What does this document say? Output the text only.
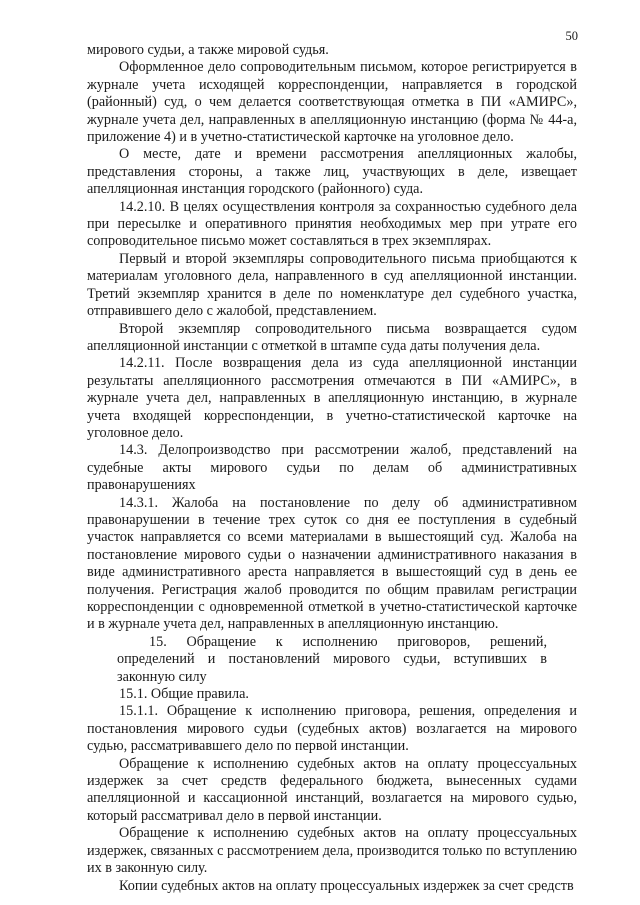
50

мирового судьи, а также мировой судья.

Оформленное дело сопроводительным письмом, которое регистрируется в журнале учета исходящей корреспонденции, направляется в городской (районный) суд, о чем делается соответствующая отметка в ПИ «АМИРС», журнале учета дел, направленных в апелляционную инстанцию (форма № 44-а, приложение 4) и в учетно-статистической карточке на уголовное дело.

О месте, дате и времени рассмотрения апелляционных жалобы, представления стороны, а также лиц, участвующих в деле, извещает апелляционная инстанция городского (районного) суда.

14.2.10. В целях осуществления контроля за сохранностью судебного дела при пересылке и оперативного принятия необходимых мер при утрате его сопроводительное письмо может составляться в трех экземплярах.

Первый и второй экземпляры сопроводительного письма приобщаются к материалам уголовного дела, направленного в суд апелляционной инстанции. Третий экземпляр хранится в деле по номенклатуре дел судебного участка, отправившего дело с жалобой, представлением.

Второй экземпляр сопроводительного письма возвращается судом апелляционной инстанции с отметкой в штампе суда даты получения дела.

14.2.11. После возвращения дела из суда апелляционной инстанции результаты апелляционного рассмотрения отмечаются в ПИ «АМИРС», в журнале учета дел, направленных в апелляционную инстанцию, в журнале учета входящей корреспонденции, в учетно-статистической карточке на уголовное дело.

14.3. Делопроизводство при рассмотрении жалоб, представлений на судебные акты мирового судьи по делам об административных правонарушениях

14.3.1. Жалоба на постановление по делу об административном правонарушении в течение трех суток со дня ее поступления в судебный участок направляется со всеми материалами в вышестоящий суд. Жалоба на постановление мирового судьи о назначении административного наказания в виде административного ареста направляется в вышестоящий суд в день ее получения. Регистрация жалоб проводится по общим правилам регистрации корреспонденции с одновременной отметкой в учетно-статистической карточке и в журнале учета дел, направленных в апелляционную инстанцию.

15. Обращение к исполнению приговоров, решений, определений и постановлений мирового судьи, вступивших в законную силу

15.1. Общие правила.

15.1.1. Обращение к исполнению приговора, решения, определения и постановления мирового судьи (судебных актов) возлагается на мирового судью, рассматривавшего дело по первой инстанции.

Обращение к исполнению судебных актов на оплату процессуальных издержек за счет средств федерального бюджета, вынесенных судами апелляционной и кассационной инстанций, возлагается на мирового судью, который рассматривал дело в первой инстанции.

Обращение к исполнению судебных актов на оплату процессуальных издержек, связанных с рассмотрением дела, производится только по вступлению их в законную силу.

Копии судебных актов на оплату процессуальных издержек за счет средств
